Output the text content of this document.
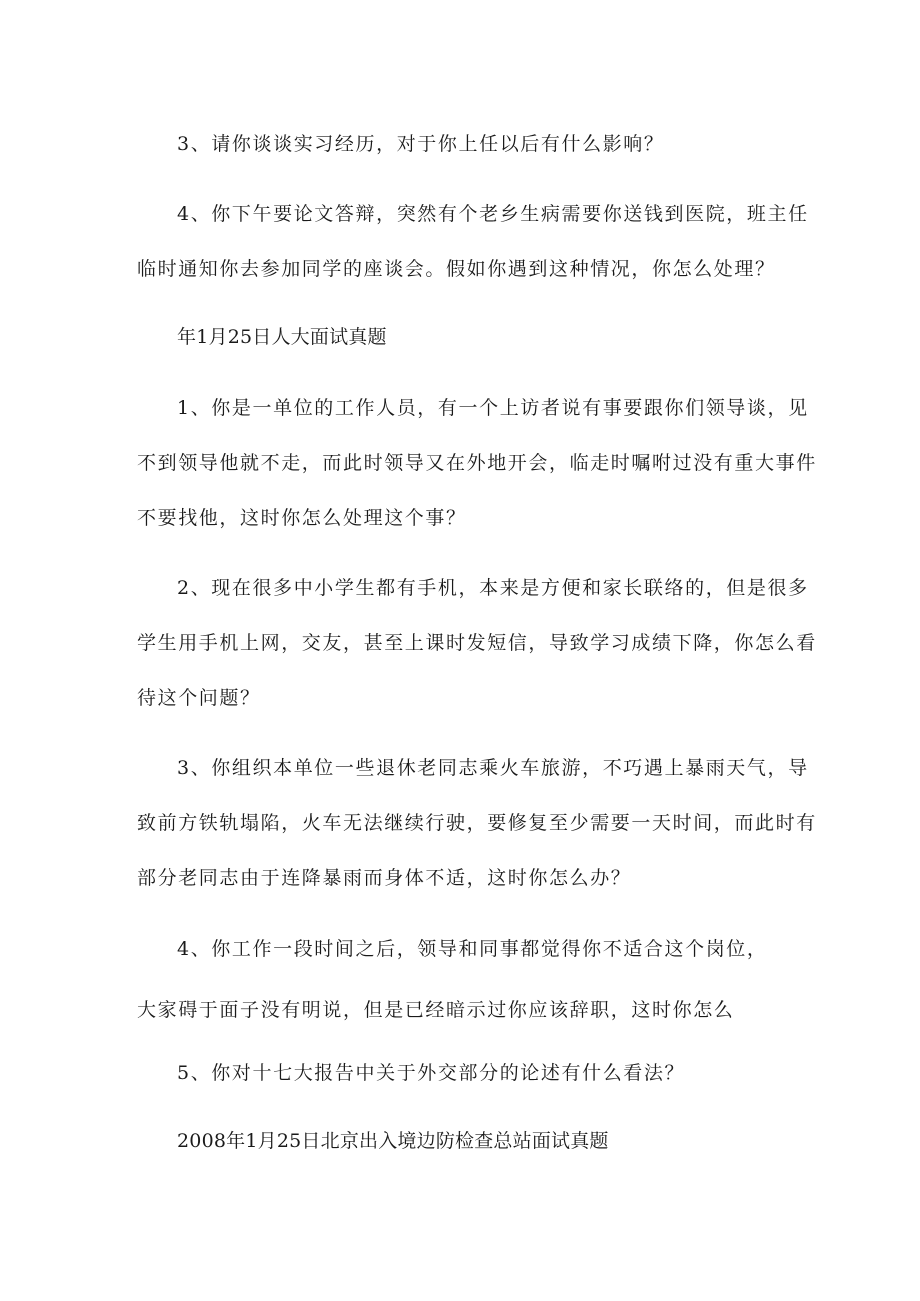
3、请你谈谈实习经历，对于你上任以后有什么影响？
4、你下午要论文答辩，突然有个老乡生病需要你送钱到医院，班主任
临时通知你去参加同学的座谈会。假如你遇到这种情况，你怎么处理？
年1月25日人大面试真题
1、你是一单位的工作人员，有一个上访者说有事要跟你们领导谈，见
不到领导他就不走，而此时领导又在外地开会，临走时嘱咐过没有重大事件
不要找他，这时你怎么处理这个事？
2、现在很多中小学生都有手机，本来是方便和家长联络的，但是很多
学生用手机上网，交友，甚至上课时发短信，导致学习成绩下降，你怎么看
待这个问题？
3、你组织本单位一些退休老同志乘火车旅游，不巧遇上暴雨天气，导
致前方铁轨塌陷，火车无法继续行驶，要修复至少需要一天时间，而此时有
部分老同志由于连降暴雨而身体不适，这时你怎么办？
4、你工作一段时间之后，领导和同事都觉得你不适合这个岗位，
大家碍于面子没有明说，但是已经暗示过你应该辞职，这时你怎么
5、你对十七大报告中关于外交部分的论述有什么看法？
2008年1月25日北京出入境边防检查总站面试真题
